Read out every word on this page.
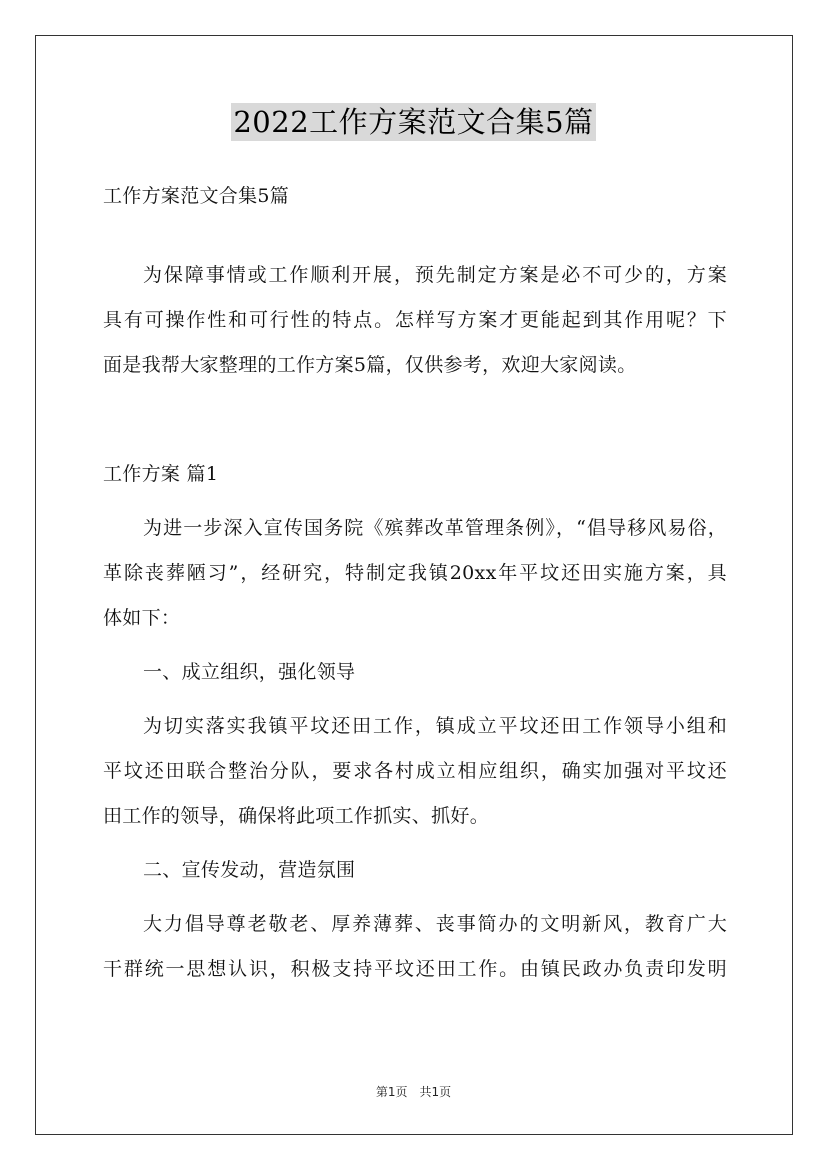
2022工作方案范文合集5篇
工作方案范文合集5篇
为保障事情或工作顺利开展，预先制定方案是必不可少的，方案
具有可操作性和可行性的特点。怎样写方案才更能起到其作用呢？下
面是我帮大家整理的工作方案5篇，仅供参考，欢迎大家阅读。
工作方案 篇1
为进一步深入宣传国务院《殡葬改革管理条例》，“倡导移风易俗，
革除丧葬陋习”，经研究，特制定我镇20xx年平坟还田实施方案，具
体如下：
一、成立组织，强化领导
为切实落实我镇平坟还田工作，镇成立平坟还田工作领导小组和
平坟还田联合整治分队，要求各村成立相应组织，确实加强对平坟还
田工作的领导，确保将此项工作抓实、抓好。
二、宣传发动，营造氛围
大力倡导尊老敬老、厚养薄葬、丧事简办的文明新风，教育广大
干群统一思想认识，积极支持平坟还田工作。由镇民政办负责印发明
第1页　共1页
